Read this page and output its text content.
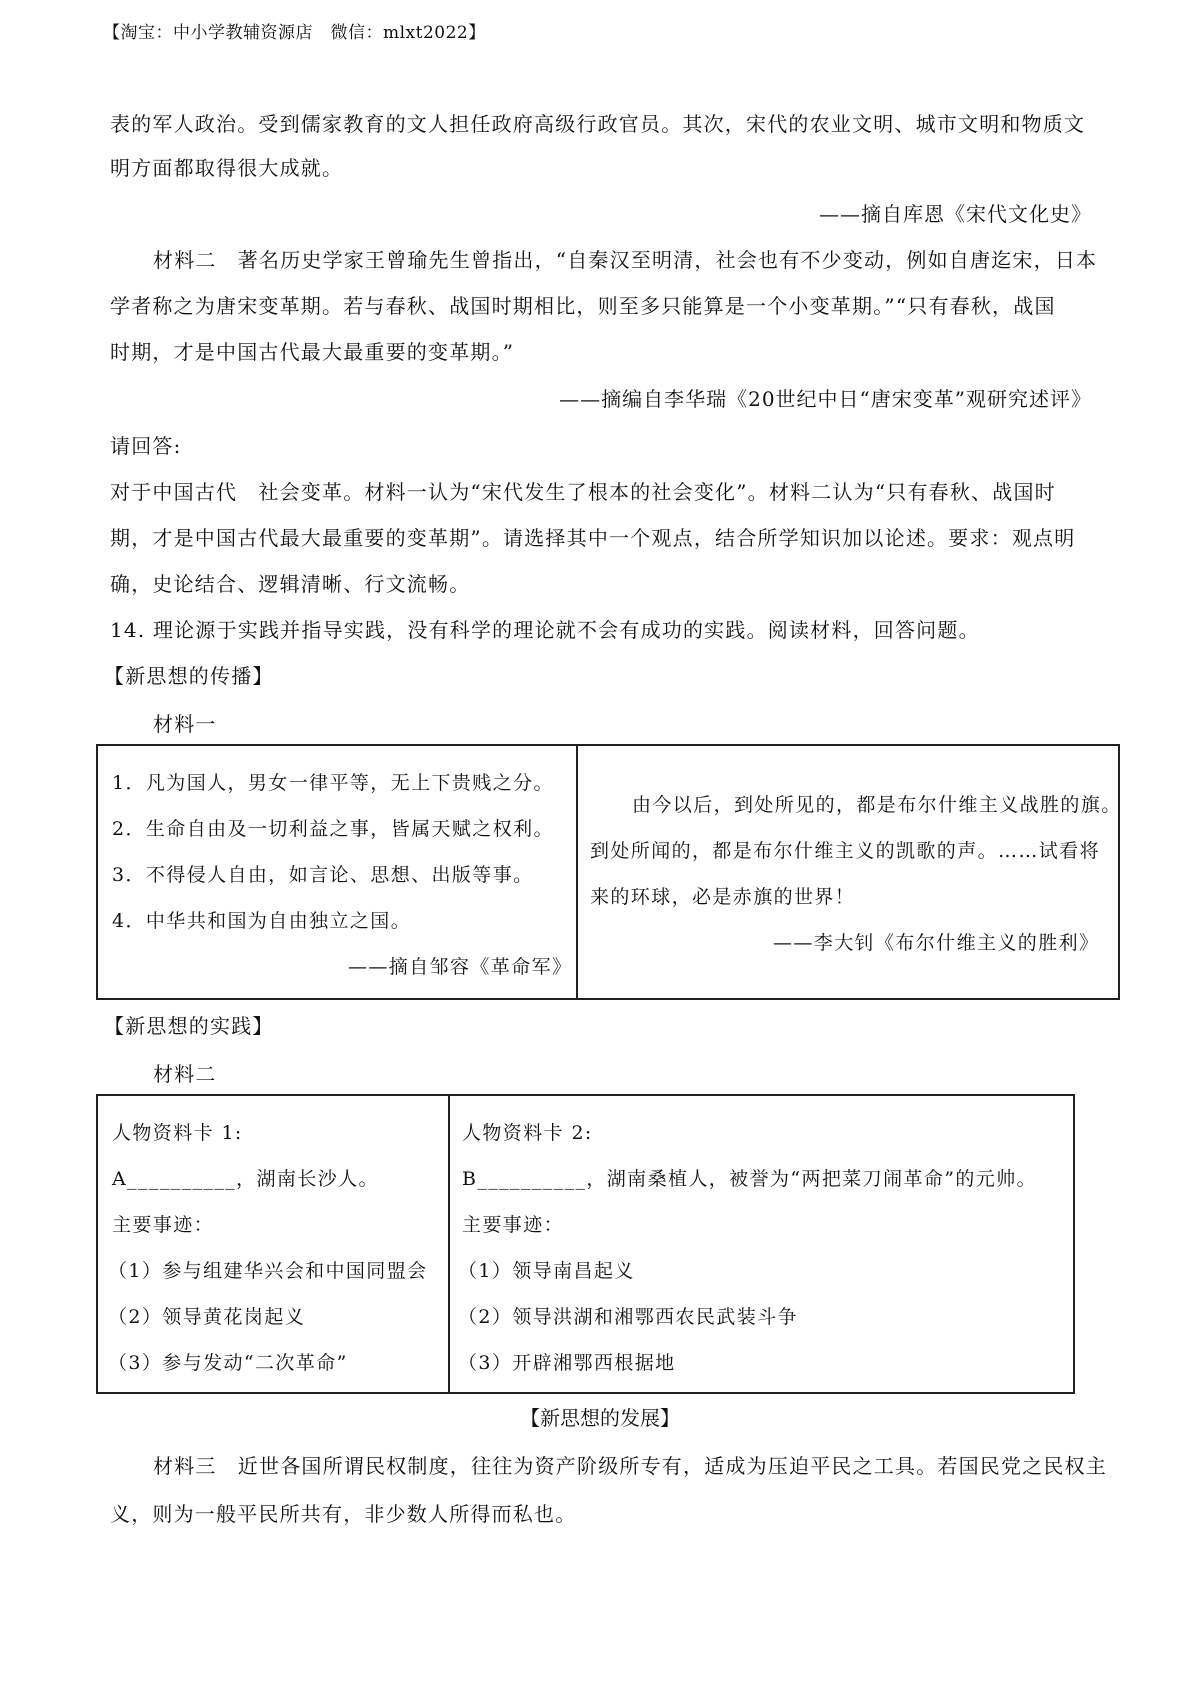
【淘宝：中小学教辅资源店　微信：mlxt2022】
表的军人政治。受到儒家教育的文人担任政府高级行政官员。其次，宋代的农业文明、城市文明和物质文
明方面都取得很大成就。
——摘自库恩《宋代文化史》
材料二　著名历史学家王曾瑜先生曾指出，“自秦汉至明清，社会也有不少变动，例如自唐迄宋，日本
学者称之为唐宋变革期。若与春秋、战国时期相比，则至多只能算是一个小变革期。”“只有春秋，战国
时期，才是中国古代最大最重要的变革期。”
——摘编自李华瑞《20世纪中日“唐宋变革”观研究述评》
请回答:
对于中国古代　社会变革。材料一认为“宋代发生了根本的社会变化”。材料二认为“只有春秋、战国时
期，才是中国古代最大最重要的变革期”。请选择其中一个观点，结合所学知识加以论述。要求：观点明
确，史论结合、逻辑清晰、行文流畅。
14. 理论源于实践并指导实践，没有科学的理论就不会有成功的实践。阅读材料，回答问题。
【新思想的传播】
材料一
1．凡为国人，男女一律平等，无上下贵贱之分。
2．生命自由及一切利益之事，皆属天赋之权利。
3．不得侵人自由，如言论、思想、出版等事。
4．中华共和国为自由独立之国。
——摘自邹容《革命军》
由今以后，到处所见的，都是布尔什维主义战胜的旗。
到处所闻的，都是布尔什维主义的凯歌的声。……试看将
来的环球，必是赤旗的世界！
——李大钊《布尔什维主义的胜利》
【新思想的实践】
材料二
人物资料卡 1:
A__________，湖南长沙人。
主要事迹：
（1）参与组建华兴会和中国同盟会
（2）领导黄花岗起义
（3）参与发动“二次革命”
人物资料卡 2:
B__________，湖南桑植人，被誉为“两把菜刀闹革命”的元帅。
主要事迹：
（1）领导南昌起义
（2）领导洪湖和湘鄂西农民武装斗争
（3）开辟湘鄂西根据地
【新思想的发展】
材料三　近世各国所谓民权制度，往往为资产阶级所专有，适成为压迫平民之工具。若国民党之民权主
义，则为一般平民所共有，非少数人所得而私也。
